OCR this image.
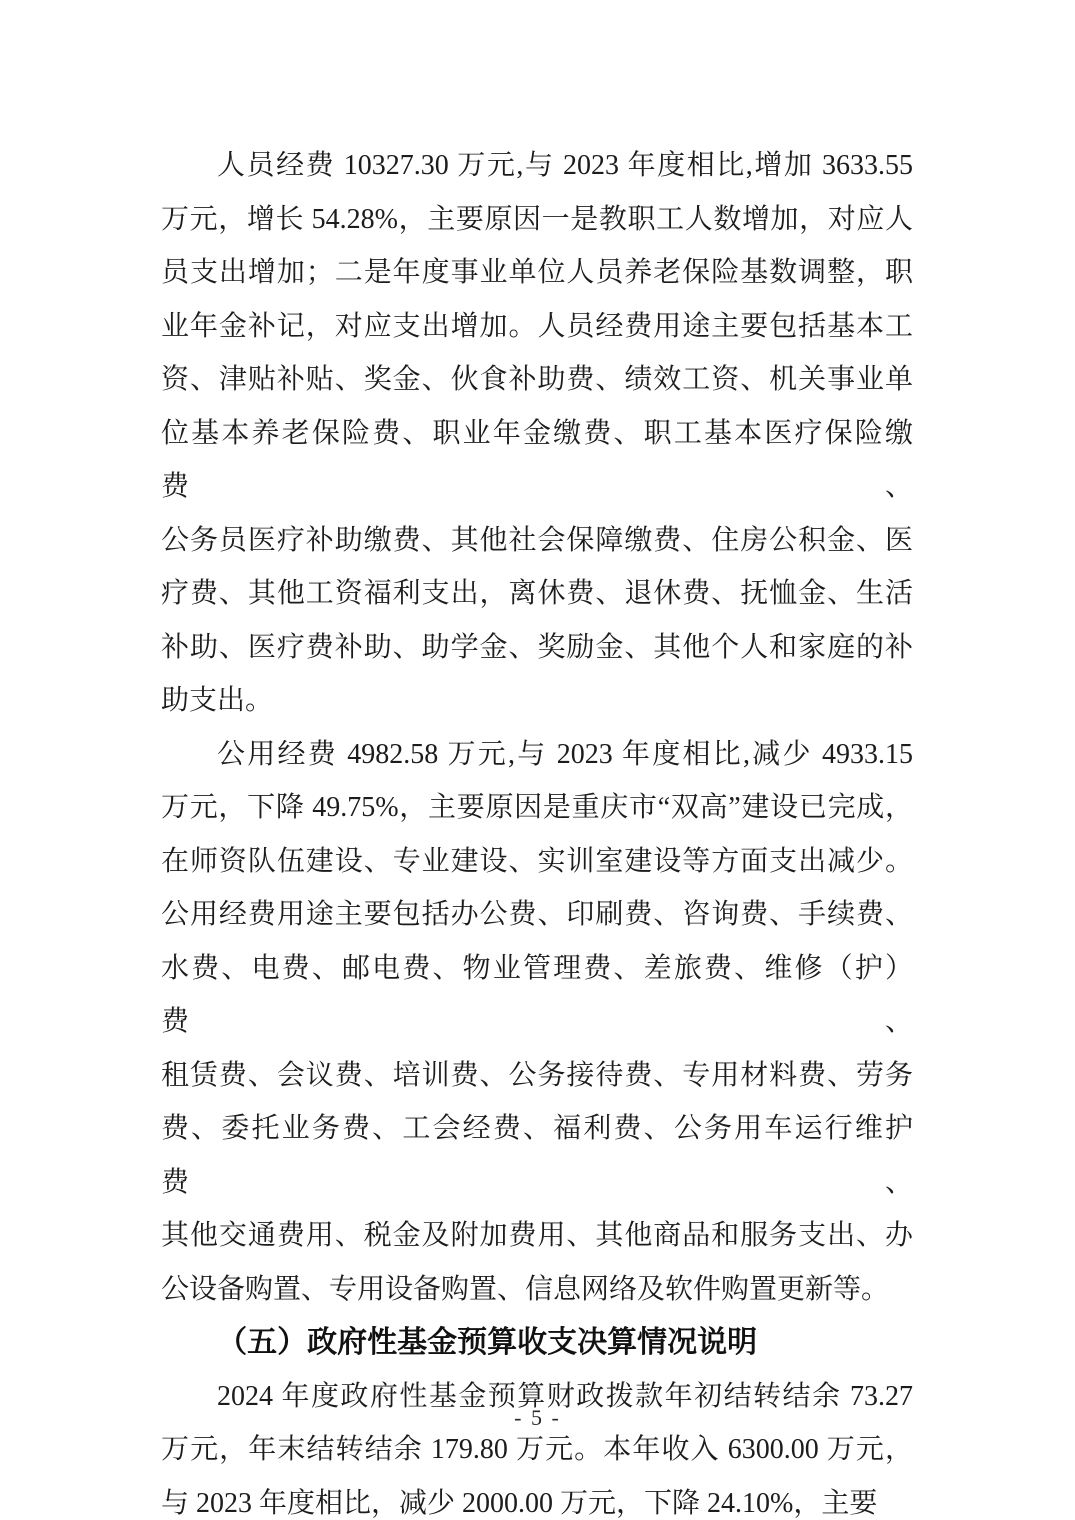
人员经费 10327.30 万元,与 2023 年度相比,增加 3633.55

万元，增长 54.28%，主要原因一是教职工人数增加，对应人

员支出增加；二是年度事业单位人员养老保险基数调整，职

业年金补记，对应支出增加。人员经费用途主要包括基本工

资、津贴补贴、奖金、伙食补助费、绩效工资、机关事业单

位基本养老保险费、职业年金缴费、职工基本医疗保险缴费、

公务员医疗补助缴费、其他社会保障缴费、住房公积金、医

疗费、其他工资福利支出，离休费、退休费、抚恤金、生活

补助、医疗费补助、助学金、奖励金、其他个人和家庭的补

助支出。

公用经费 4982.58 万元,与 2023 年度相比,减少 4933.15

万元，下降 49.75%，主要原因是重庆市“双高”建设已完成，

在师资队伍建设、专业建设、实训室建设等方面支出减少。

公用经费用途主要包括办公费、印刷费、咨询费、手续费、

水费、电费、邮电费、物业管理费、差旅费、维修（护）费、

租赁费、会议费、培训费、公务接待费、专用材料费、劳务

费、委托业务费、工会经费、福利费、公务用车运行维护费、

其他交通费用、税金及附加费用、其他商品和服务支出、办

公设备购置、专用设备购置、信息网络及软件购置更新等。

（五）政府性基金预算收支决算情况说明

2024 年度政府性基金预算财政拨款年初结转结余 73.27

万元，年末结转结余 179.80 万元。本年收入 6300.00 万元，

与 2023 年度相比，减少 2000.00 万元，下降 24.10%，主要

- 5 -
